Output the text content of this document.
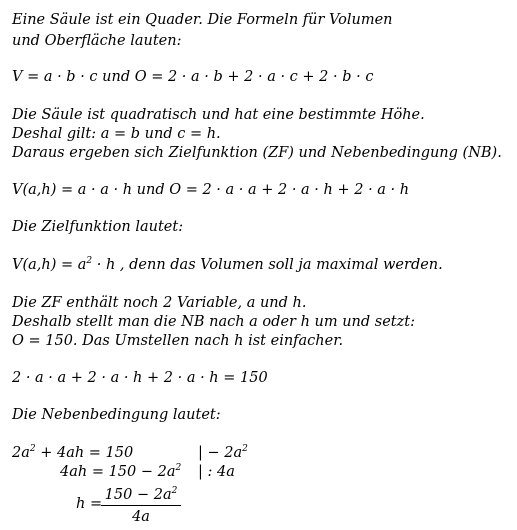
Eine Säule ist ein Quader. Die Formeln für Volumen
und Oberfläche lauten:
V = a · b · c und O = 2 · a · b + 2 · a · c + 2 · b · c
Die Säule ist quadratisch und hat eine bestimmte Höhe.
Deshal gilt: a = b und c = h.
Daraus ergeben sich Zielfunktion (ZF) und Nebenbedingung (NB).
V(a,h) = a · a · h und O = 2 · a · a + 2 · a · h + 2 · a · h
Die Zielfunktion lautet:
$V(a,h) = a^2 \cdot h$ , denn das Volumen soll ja maximal werden.
Die ZF enthält noch 2 Variable, a und h.
Deshalb stellt man die NB nach a oder h um und setzt:
O = 150. Das Umstellen nach h ist einfacher.
2 · a · a + 2 · a · h + 2 · a · h = 150
Die Nebenbedingung lautet:
$2a^2 + 4ah = 150$	| − $2a^2$
$4ah = 150 - 2a^2$ | : 4a
h =
$150 - 2a^2$
4a
